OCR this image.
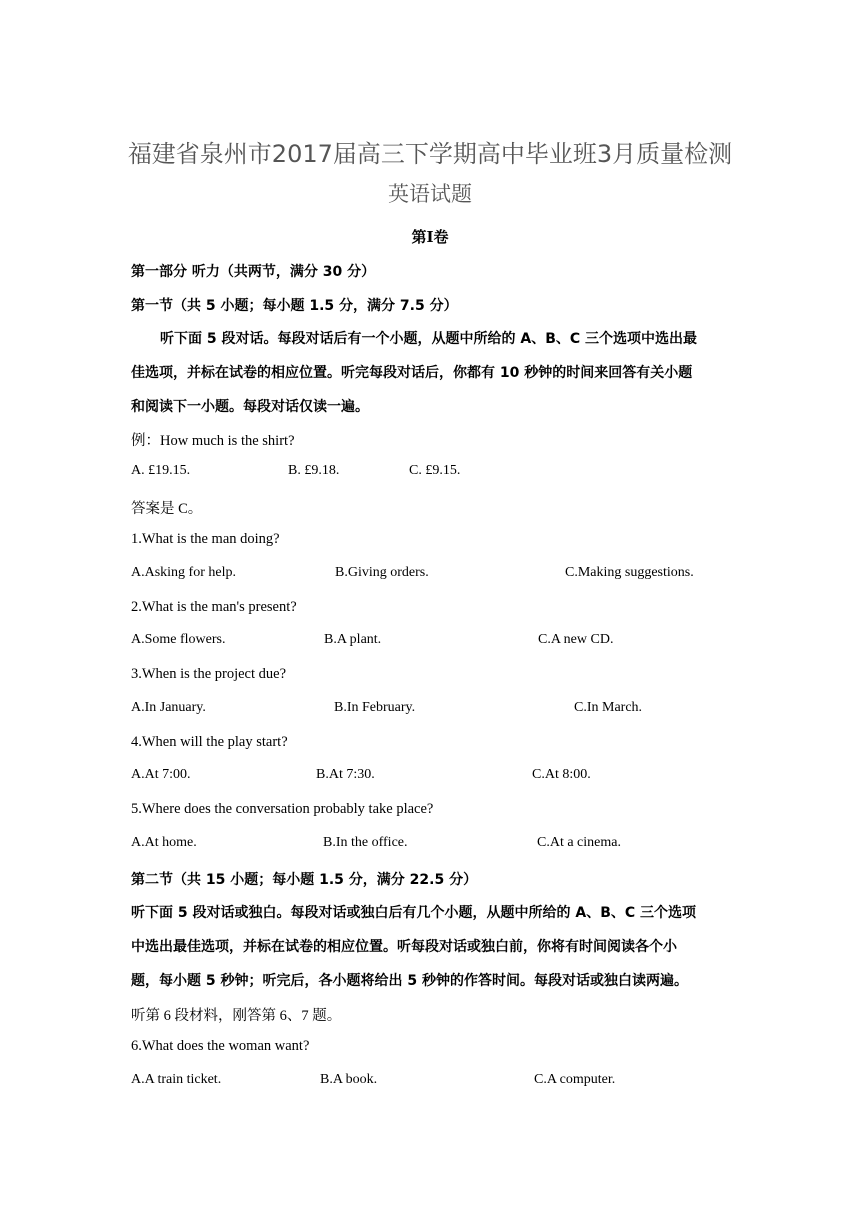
福建省泉州市2017届高三下学期高中毕业班3月质量检测
英语试题
第Ⅰ卷
第一部分 听力（共两节，满分 30 分）
第一节（共 5 小题；每小题 1.5 分，满分 7.5 分）
听下面 5 段对话。每段对话后有一个小题，从题中所给的 A、B、C 三个选项中选出最
佳选项，并标在试卷的相应位置。听完每段对话后，你都有 10 秒钟的时间来回答有关小题
和阅读下一小题。每段对话仅读一遍。
例：How much is the shirt?
A. £19.15.	B. £9.18.	C. £9.15.
答案是 C。
1.What is the man doing?
A.Asking for help.	B.Giving orders.	C.Making suggestions.
2.What is the man's present?
A.Some flowers.	B.A plant.	C.A new CD.
3.When is the project due?
A.In January.	B.In February.	C.In March.
4.When will the play start?
A.At 7:00.	B.At 7:30.	C.At 8:00.
5.Where does the conversation probably take place?
A.At home.	B.In the office.	C.At a cinema.
第二节（共 15 小题；每小题 1.5 分，满分 22.5 分）
听下面 5 段对话或独白。每段对话或独白后有几个小题，从题中所给的 A、B、C 三个选项
中选出最佳选项，并标在试卷的相应位置。听每段对话或独白前，你将有时间阅读各个小
题，每小题 5 秒钟；听完后，各小题将给出 5 秒钟的作答时间。每段对话或独白读两遍。
听第 6 段材料，刚答第 6、7 题。
6.What does the woman want?
A.A train ticket.	B.A book.	C.A computer.
